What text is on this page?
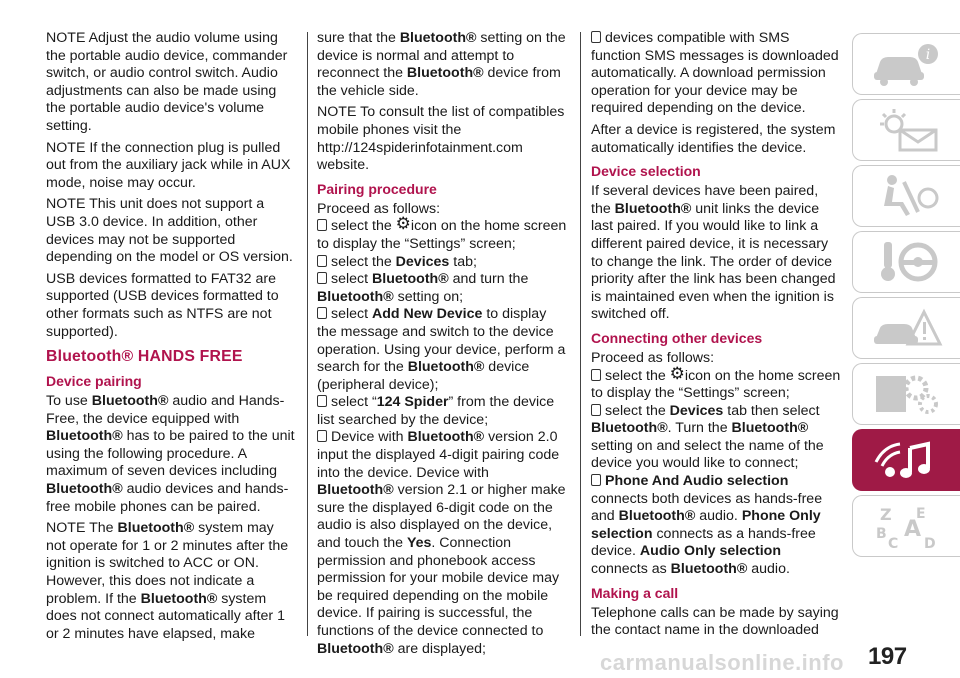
NOTE Adjust the audio volume using the portable audio device, commander switch, or audio control switch. Audio adjustments can also be made using the portable audio device's volume setting.

NOTE If the connection plug is pulled out from the auxiliary jack while in AUX mode, noise may occur.

NOTE This unit does not support a USB 3.0 device. In addition, other devices may not be supported depending on the model or OS version.

USB devices formatted to FAT32 are supported (USB devices formatted to other formats such as NTFS are not supported).

Bluetooth® HANDS FREE
Device pairing

To use Bluetooth® audio and Hands-Free, the device equipped with Bluetooth® has to be paired to the unit using the following procedure. A maximum of seven devices including Bluetooth® audio devices and hands-free mobile phones can be paired.

NOTE The Bluetooth® system may not operate for 1 or 2 minutes after the ignition is switched to ACC or ON. However, this does not indicate a problem. If the Bluetooth® system does not connect automatically after 1 or 2 minutes have elapsed, make

sure that the Bluetooth® setting on the device is normal and attempt to reconnect the Bluetooth® device from the vehicle side.

NOTE To consult the list of compatibles mobile phones visit the http://124spiderinfotainment.com website.

Pairing procedure
Proceed as follows:
select the ⚙icon on the home screen to display the “Settings” screen;
select the Devices tab;
select Bluetooth® and turn the Bluetooth® setting on;
select Add New Device to display the message and switch to the device operation. Using your device, perform a search for the Bluetooth® device (peripheral device);
select “124 Spider” from the device list searched by the device;
Device with Bluetooth® version 2.0 input the displayed 4-digit pairing code into the device. Device with Bluetooth® version 2.1 or higher make sure the displayed 6-digit code on the audio is also displayed on the device, and touch the Yes. Connection permission and phonebook access permission for your mobile device may be required depending on the mobile device. If pairing is successful, the functions of the device connected to Bluetooth® are displayed;
devices compatible with SMS function SMS messages is downloaded automatically. A download permission operation for your device may be required depending on the device.

After a device is registered, the system automatically identifies the device.

Device selection

If several devices have been paired, the Bluetooth® unit links the device last paired. If you would like to link a different paired device, it is necessary to change the link. The order of device priority after the link has been changed is maintained even when the ignition is switched off.

Connecting other devices
Proceed as follows:
select the ⚙icon on the home screen to display the “Settings” screen;
select the Devices tab then select Bluetooth®. Turn the Bluetooth® setting on and select the name of the device you would like to connect;
Phone And Audio selection connects both devices as hands-free and Bluetooth® audio. Phone Only selection connects as a hands-free device. Audio Only selection connects as Bluetooth® audio.
Making a call

Telephone calls can be made by saying the contact name in the downloaded

i
Z E
A
B
C D
carmanualsonline.info 197
